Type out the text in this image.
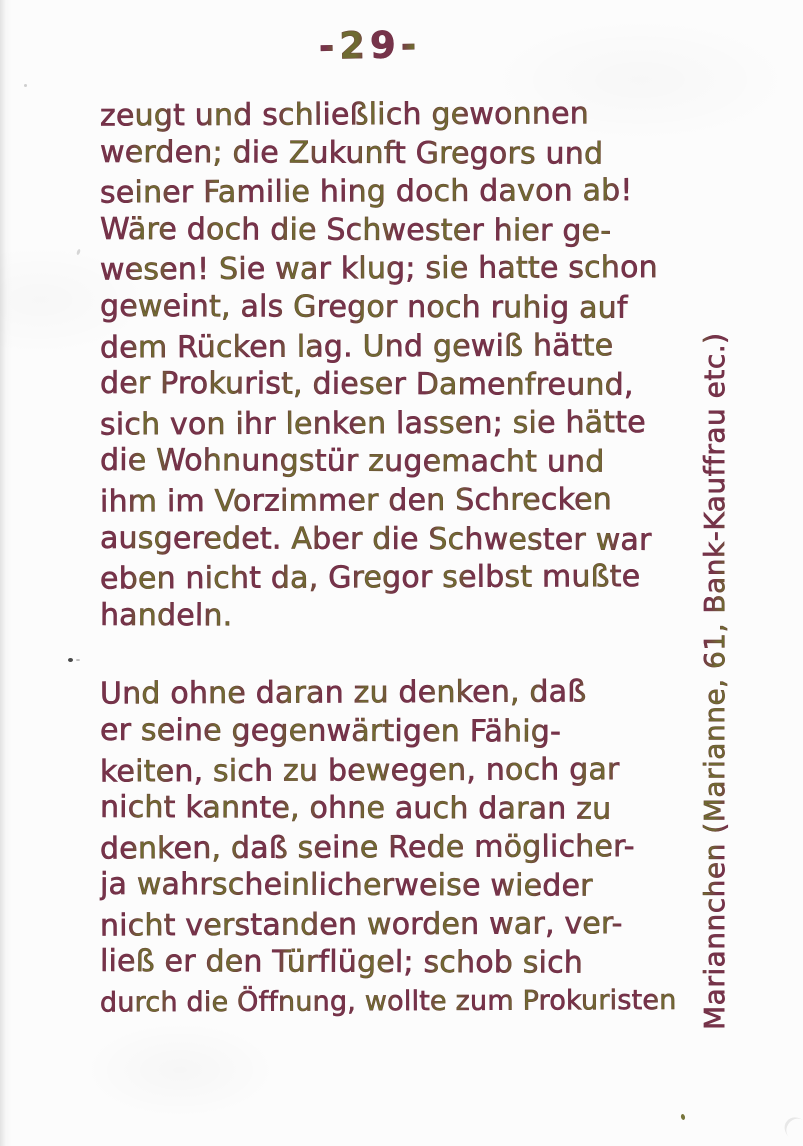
-29-
zeugt und schließlich gewonnen
werden; die Zukunft Gregors und
seiner Familie hing doch davon ab!
Wäre doch die Schwester hier ge-
wesen! Sie war klug; sie hatte schon
geweint, als Gregor noch ruhig auf
dem Rücken lag. Und gewiß hätte
der Prokurist, dieser Damenfreund,
sich von ihr lenken lassen; sie hätte
die Wohnungstür zugemacht und
ihm im Vorzimmer den Schrecken
ausgeredet. Aber die Schwester war
eben nicht da, Gregor selbst mußte
handeln.
Und ohne daran zu denken, daß
er seine gegenwärtigen Fähig-
keiten, sich zu bewegen, noch gar
nicht kannte, ohne auch daran zu
denken, daß seine Rede möglicher-
ja wahrscheinlicherweise wieder
nicht verstanden worden war, ver-
ließ er den Türflügel; schob sich
durch die Öffnung, wollte zum Prokuristen Mariannchen (Marianne, 61, Bank-Kauffrau etc.)
